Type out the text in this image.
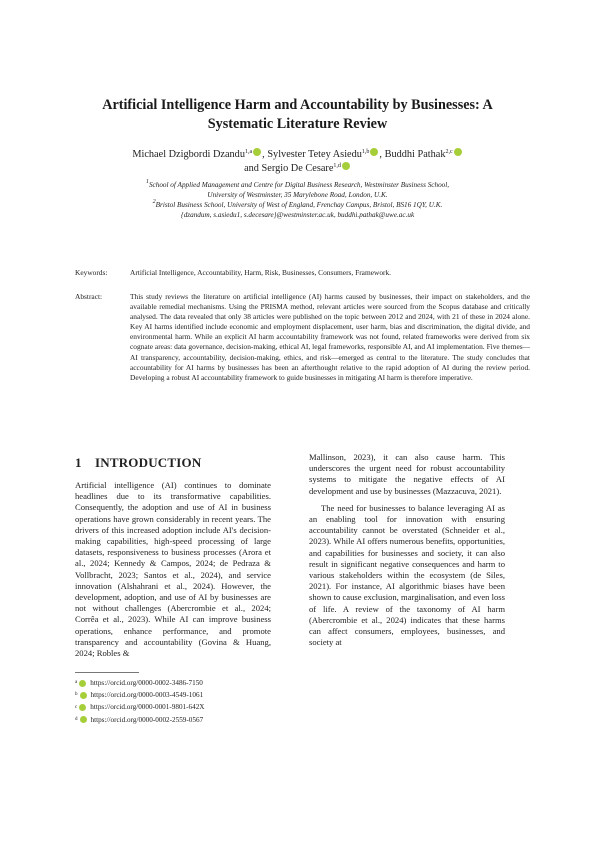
Artificial Intelligence Harm and Accountability by Businesses: A
Systematic Literature Review
Michael Dzigbordi Dzandu$^{1,a}$ , Sylvester Tetey Asiedu$^{1,b}$ , Buddhi Pathak$^{2,c}$
and Sergio De Cesare$^{1,d}$
$^1$School of Applied Management and Centre for Digital Business Research, Westminster Business School,
University of Westminster, 35 Marylebone Road, London, U.K.
$^2$Bristol Business School, University of West of England, Frenchay Campus, Bristol, BS16 1QY, U.K.
{dzandum, s.asiedu1, s.decesare}@westminster.ac.uk, buddhi.pathak@uwe.ac.uk
Keywords:	Artificial Intelligence, Accountability, Harm, Risk, Businesses, Consumers, Framework.
Abstract:	This study reviews the literature on artificial intelligence (AI) harms caused by businesses, their impact on stakeholders, and the available remedial mechanisms. Using the PRISMA method, relevant articles were sourced from the Scopus database and critically analysed. The data revealed that only 38 articles were published on the topic between 2012 and 2024, with 21 of these in 2024 alone. Key AI harms identified include economic and employment displacement, user harm, bias and discrimination, the digital divide, and environmental harm. While an explicit AI harm accountability framework was not found, related frameworks were derived from six cognate areas: data governance, decision-making, ethical AI, legal frameworks, responsible AI, and AI implementation. Five themes—AI transparency, accountability, decision-making, ethics, and risk—emerged as central to the literature. The study concludes that accountability for AI harms by businesses has been an afterthought relative to the rapid adoption of AI during the review period. Developing a robust AI accountability framework to guide businesses in mitigating AI harm is therefore imperative.
1 INTRODUCTION

Artificial intelligence (AI) continues to dominate headlines due to its transformative capabilities. Consequently, the adoption and use of AI in business operations have grown considerably in recent years. The drivers of this increased adoption include AI's decision-making capabilities, high-speed processing of large datasets, responsiveness to business processes (Arora et al., 2024; Kennedy & Campos, 2024; de Pedraza & Vollbracht, 2023; Santos et al., 2024), and service innovation (Alshahrani et al., 2024). However, the development, adoption, and use of AI by businesses are not without challenges (Abercrombie et al., 2024; Corrêa et al., 2023). While AI can improve business operations, enhance performance, and promote transparency and accountability (Govina & Huang, 2024; Robles &

Mallinson, 2023), it can also cause harm. This underscores the urgent need for robust accountability systems to mitigate the negative effects of AI development and use by businesses (Mazzacuva, 2021).

The need for businesses to balance leveraging AI as an enabling tool for innovation with ensuring accountability cannot be overstated (Schneider et al., 2023). While AI offers numerous benefits, opportunities, and capabilities for businesses and society, it can also result in significant negative consequences and harm to various stakeholders within the ecosystem (de Siles, 2021). For instance, AI algorithmic biases have been shown to cause exclusion, marginalisation, and even loss of life. A review of the taxonomy of AI harm (Abercrombie et al., 2024) indicates that these harms can affect consumers, employees, businesses, and society at

a https://orcid.org/0000-0002-3486-7150
b https://orcid.org/0000-0003-4549-1061
c https://orcid.org/0000-0001-9801-642X
d https://orcid.org/0000-0002-2559-0567
